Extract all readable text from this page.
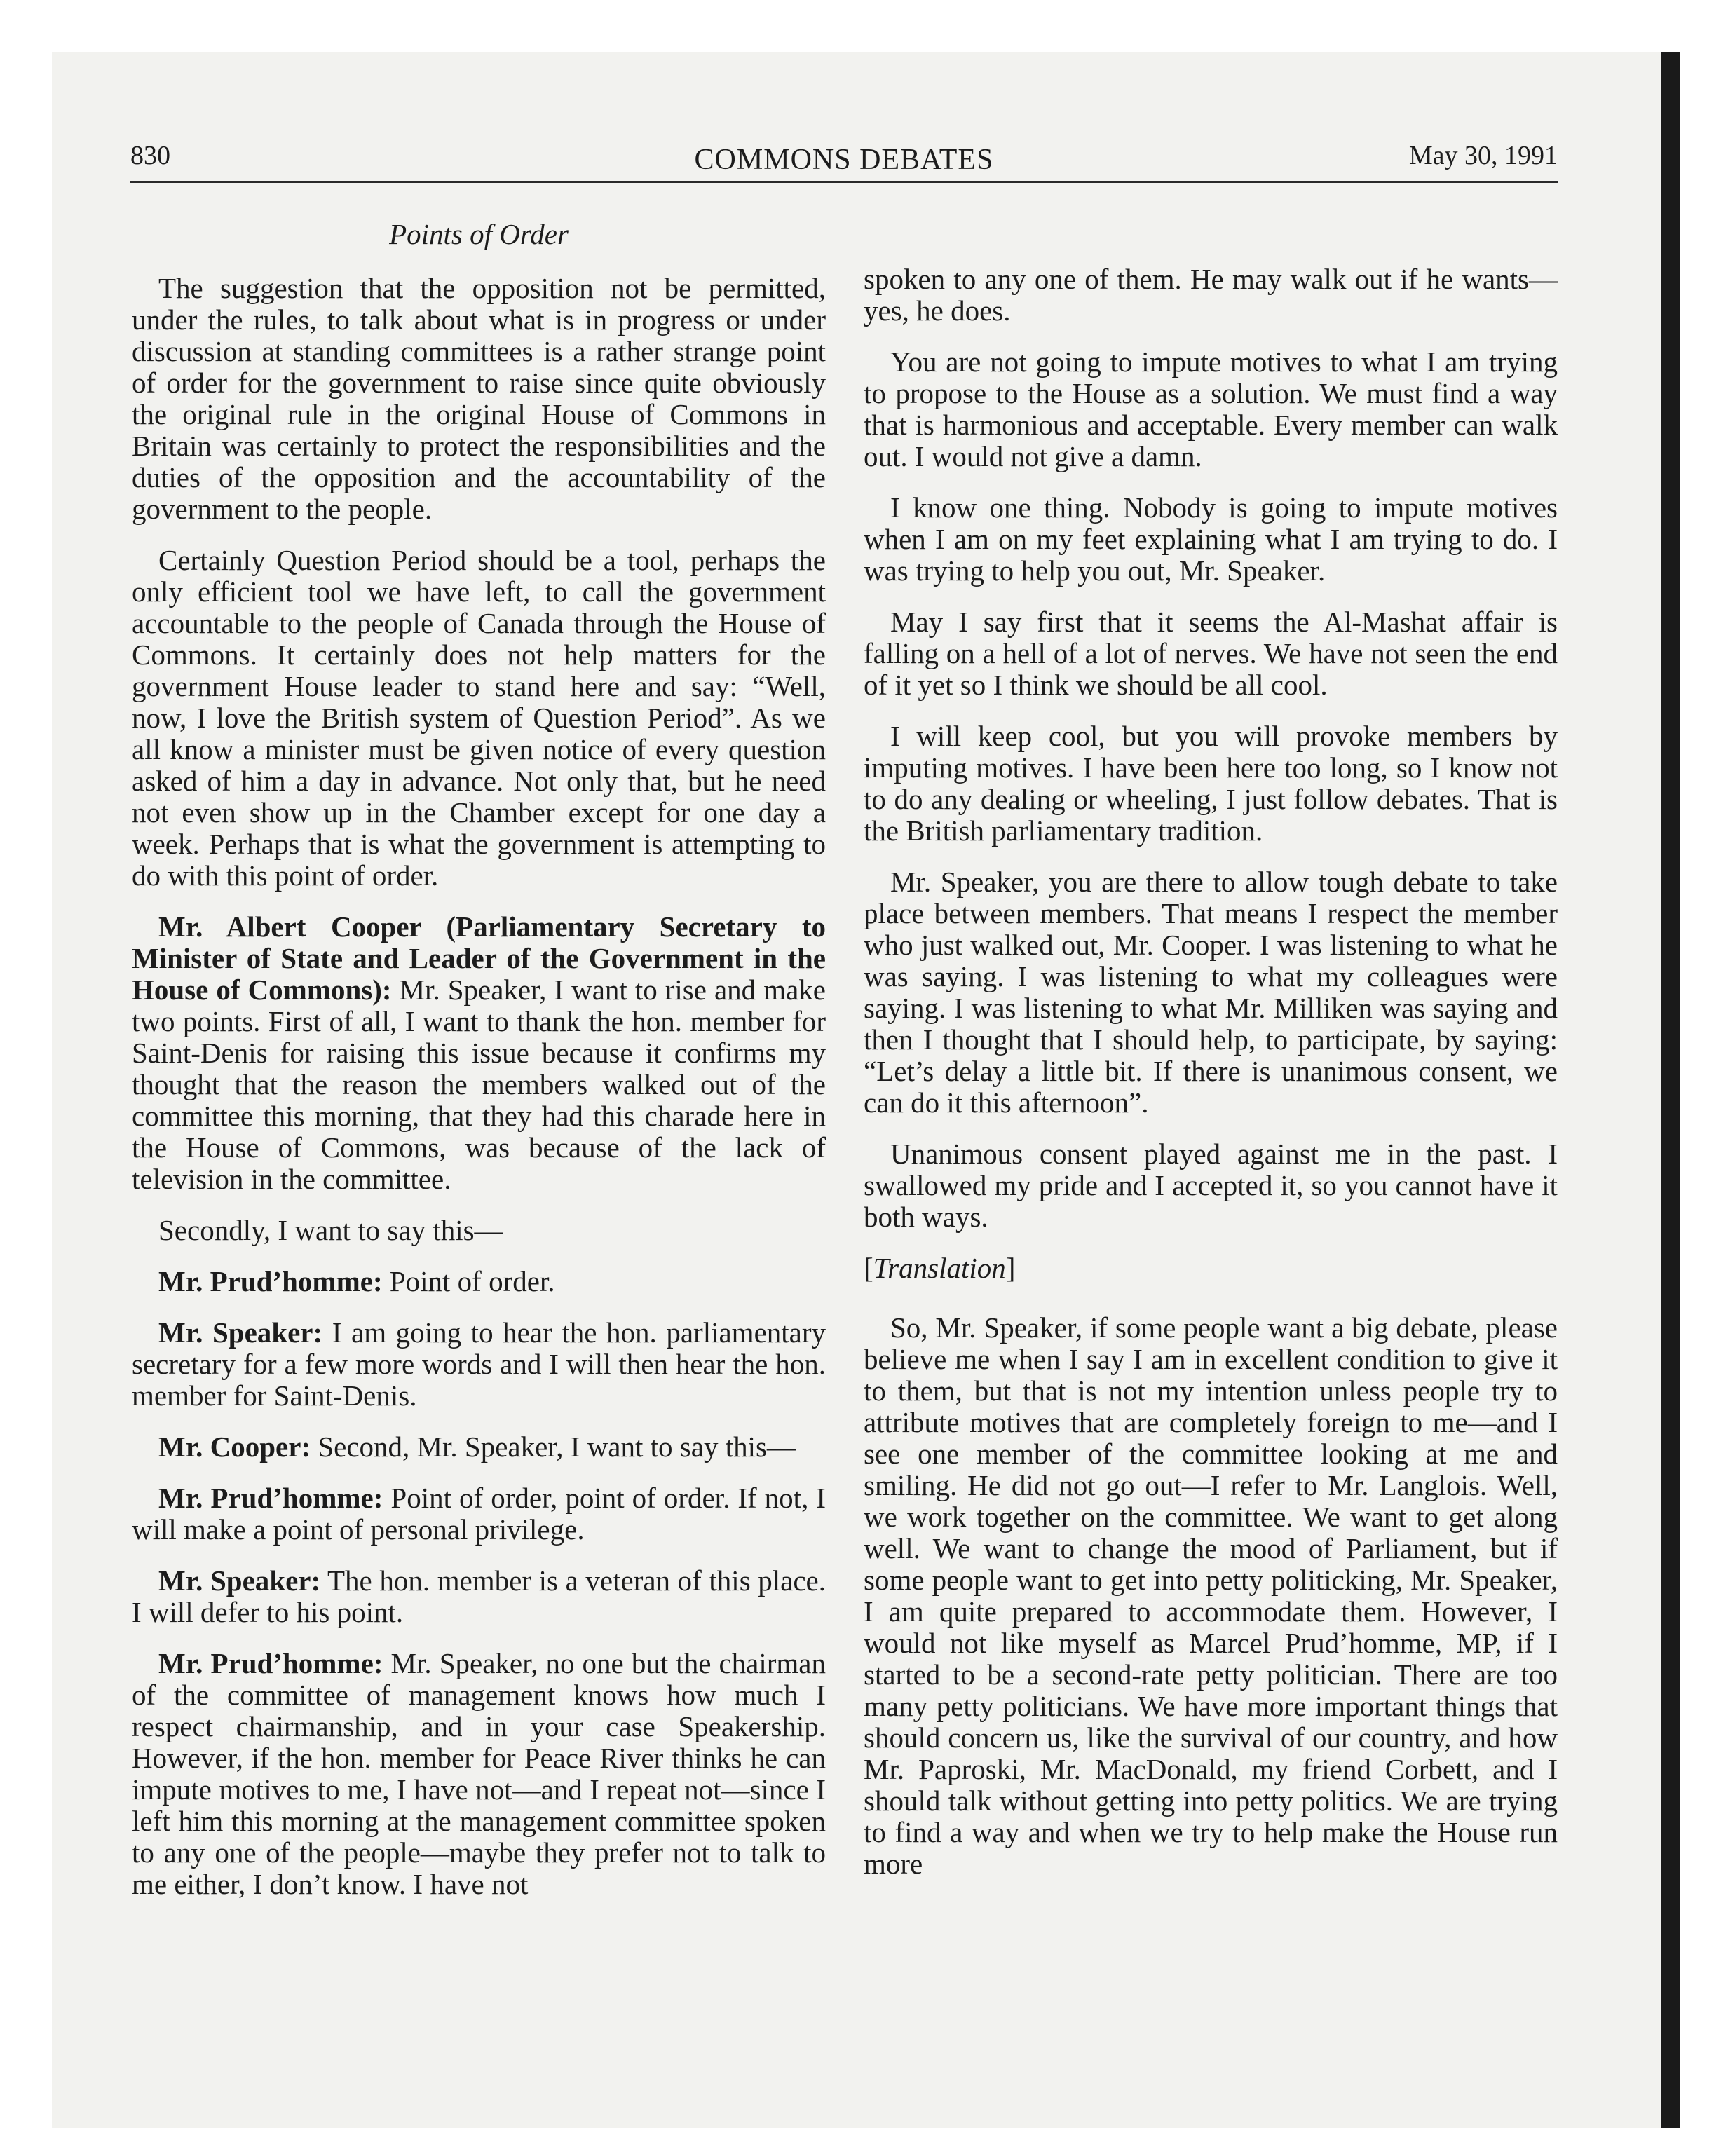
830	COMMONS DEBATES	May 30, 1991
Points of Order

The suggestion that the opposition not be permitted, under the rules, to talk about what is in progress or under discussion at standing committees is a rather strange point of order for the government to raise since quite obviously the original rule in the original House of Commons in Britain was certainly to protect the responsibilities and the duties of the opposition and the accountability of the government to the people.

Certainly Question Period should be a tool, perhaps the only efficient tool we have left, to call the government accountable to the people of Canada through the House of Commons. It certainly does not help matters for the government House leader to stand here and say: “Well, now, I love the British system of Question Period”. As we all know a minister must be given notice of every question asked of him a day in advance. Not only that, but he need not even show up in the Chamber except for one day a week. Perhaps that is what the government is attempting to do with this point of order.

Mr. Albert Cooper (Parliamentary Secretary to Minister of State and Leader of the Government in the House of Commons): Mr. Speaker, I want to rise and make two points. First of all, I want to thank the hon. member for Saint-Denis for raising this issue because it confirms my thought that the reason the members walked out of the committee this morning, that they had this charade here in the House of Commons, was because of the lack of television in the committee.

Secondly, I want to say this—

Mr. Prud’homme: Point of order.

Mr. Speaker: I am going to hear the hon. parliamentary secretary for a few more words and I will then hear the hon. member for Saint-Denis.

Mr. Cooper: Second, Mr. Speaker, I want to say this—

Mr. Prud’homme: Point of order, point of order. If not, I will make a point of personal privilege.

Mr. Speaker: The hon. member is a veteran of this place. I will defer to his point.

Mr. Prud’homme: Mr. Speaker, no one but the chairman of the committee of management knows how much I respect chairmanship, and in your case Speakership. However, if the hon. member for Peace River thinks he can impute motives to me, I have not—and I repeat not—since I left him this morning at the management committee spoken to any one of the people—maybe they prefer not to talk to me either, I don’t know. I have not

spoken to any one of them. He may walk out if he wants—yes, he does.

You are not going to impute motives to what I am trying to propose to the House as a solution. We must find a way that is harmonious and acceptable. Every member can walk out. I would not give a damn.

I know one thing. Nobody is going to impute motives when I am on my feet explaining what I am trying to do. I was trying to help you out, Mr. Speaker.

May I say first that it seems the Al-Mashat affair is falling on a hell of a lot of nerves. We have not seen the end of it yet so I think we should be all cool.

I will keep cool, but you will provoke members by imputing motives. I have been here too long, so I know not to do any dealing or wheeling, I just follow debates. That is the British parliamentary tradition.

Mr. Speaker, you are there to allow tough debate to take place between members. That means I respect the member who just walked out, Mr. Cooper. I was listening to what he was saying. I was listening to what my colleagues were saying. I was listening to what Mr. Milliken was saying and then I thought that I should help, to participate, by saying: “Let’s delay a little bit. If there is unanimous consent, we can do it this afternoon”.

Unanimous consent played against me in the past. I swallowed my pride and I accepted it, so you cannot have it both ways.

[Translation]

So, Mr. Speaker, if some people want a big debate, please believe me when I say I am in excellent condition to give it to them, but that is not my intention unless people try to attribute motives that are completely foreign to me—and I see one member of the committee looking at me and smiling. He did not go out—I refer to Mr. Langlois. Well, we work together on the committee. We want to get along well. We want to change the mood of Parliament, but if some people want to get into petty politicking, Mr. Speaker, I am quite prepared to accommodate them. However, I would not like myself as Marcel Prud’homme, MP, if I started to be a second-rate petty politician. There are too many petty politicians. We have more important things that should concern us, like the survival of our country, and how Mr. Paproski, Mr. MacDonald, my friend Corbett, and I should talk without getting into petty politics. We are trying to find a way and when we try to help make the House run more
